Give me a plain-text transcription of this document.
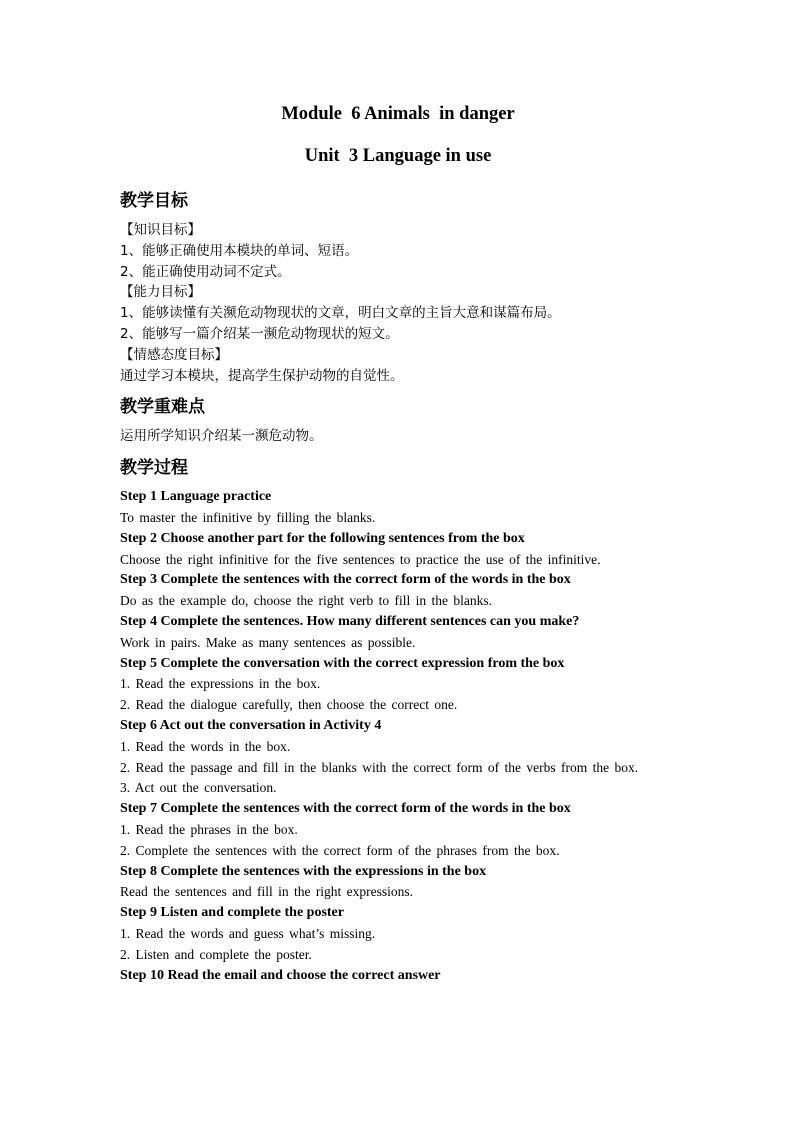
Module  6 Animals  in danger
Unit  3 Language in use
教学目标

【知识目标】

1、能够正确使用本模块的单词、短语。

2、能正确使用动词不定式。

【能力目标】

1、能够读懂有关濒危动物现状的文章，明白文章的主旨大意和谋篇布局。

2、能够写一篇介绍某一濒危动物现状的短文。

【情感态度目标】

通过学习本模块，提高学生保护动物的自觉性。

教学重难点

运用所学知识介绍某一濒危动物。

教学过程

Step 1 Language practice

To master the infinitive by filling the blanks.

Step 2 Choose another part for the following sentences from the box

Choose the right infinitive for the five sentences to practice the use of the infinitive.

Step 3 Complete the sentences with the correct form of the words in the box

Do as the example do, choose the right verb to fill in the blanks.

Step 4 Complete the sentences. How many different sentences can you make?

Work in pairs. Make as many sentences as possible.

Step 5 Complete the conversation with the correct expression from the box

1. Read the expressions in the box.

2. Read the dialogue carefully, then choose the correct one.

Step 6 Act out the conversation in Activity 4

1. Read the words in the box.

2. Read the passage and fill in the blanks with the correct form of the verbs from the box.

3. Act out the conversation.

Step 7 Complete the sentences with the correct form of the words in the box

1. Read the phrases in the box.

2. Complete the sentences with the correct form of the phrases from the box.

Step 8 Complete the sentences with the expressions in the box

Read the sentences and fill in the right expressions.

Step 9 Listen and complete the poster

1. Read the words and guess what’s missing.

2. Listen and complete the poster.

Step 10 Read the email and choose the correct answer
